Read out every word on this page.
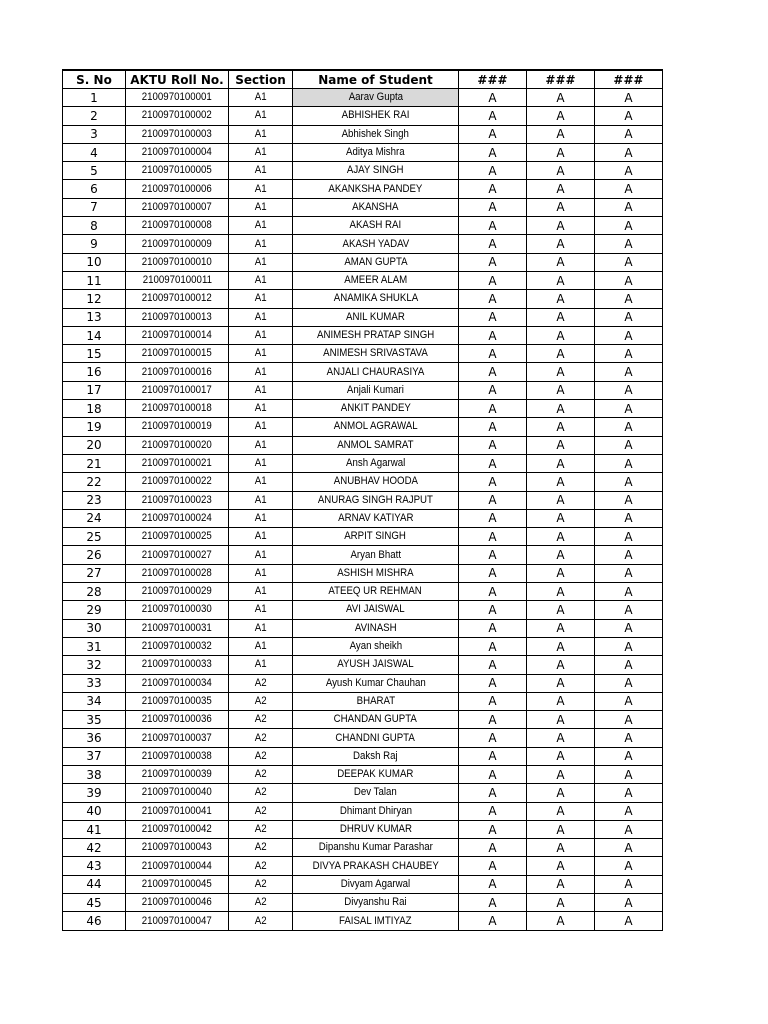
S. No	AKTU Roll No.	Section	Name of Student	###	###	###
1	2100970100001	A1	Aarav Gupta	A	A	A
2	2100970100002	A1	ABHISHEK RAI	A	A	A
3	2100970100003	A1	Abhishek Singh	A	A	A
4	2100970100004	A1	Aditya Mishra	A	A	A
5	2100970100005	A1	AJAY SINGH	A	A	A
6	2100970100006	A1	AKANKSHA PANDEY	A	A	A
7	2100970100007	A1	AKANSHA	A	A	A
8	2100970100008	A1	AKASH RAI	A	A	A
9	2100970100009	A1	AKASH YADAV	A	A	A
10	2100970100010	A1	AMAN GUPTA	A	A	A
11	2100970100011	A1	AMEER ALAM	A	A	A
12	2100970100012	A1	ANAMIKA SHUKLA	A	A	A
13	2100970100013	A1	ANIL KUMAR	A	A	A
14	2100970100014	A1	ANIMESH PRATAP SINGH	A	A	A
15	2100970100015	A1	ANIMESH SRIVASTAVA	A	A	A
16	2100970100016	A1	ANJALI CHAURASIYA	A	A	A
17	2100970100017	A1	Anjali Kumari	A	A	A
18	2100970100018	A1	ANKIT PANDEY	A	A	A
19	2100970100019	A1	ANMOL AGRAWAL	A	A	A
20	2100970100020	A1	ANMOL SAMRAT	A	A	A
21	2100970100021	A1	Ansh Agarwal	A	A	A
22	2100970100022	A1	ANUBHAV HOODA	A	A	A
23	2100970100023	A1	ANURAG SINGH RAJPUT	A	A	A
24	2100970100024	A1	ARNAV KATIYAR	A	A	A
25	2100970100025	A1	ARPIT SINGH	A	A	A
26	2100970100027	A1	Aryan Bhatt	A	A	A
27	2100970100028	A1	ASHISH MISHRA	A	A	A
28	2100970100029	A1	ATEEQ UR REHMAN	A	A	A
29	2100970100030	A1	AVI JAISWAL	A	A	A
30	2100970100031	A1	AVINASH	A	A	A
31	2100970100032	A1	Ayan sheikh	A	A	A
32	2100970100033	A1	AYUSH JAISWAL	A	A	A
33	2100970100034	A2	Ayush Kumar Chauhan	A	A	A
34	2100970100035	A2	BHARAT	A	A	A
35	2100970100036	A2	CHANDAN GUPTA	A	A	A
36	2100970100037	A2	CHANDNI GUPTA	A	A	A
37	2100970100038	A2	Daksh Raj	A	A	A
38	2100970100039	A2	DEEPAK KUMAR	A	A	A
39	2100970100040	A2	Dev Talan	A	A	A
40	2100970100041	A2	Dhimant Dhiryan	A	A	A
41	2100970100042	A2	DHRUV KUMAR	A	A	A
42	2100970100043	A2	Dipanshu Kumar Parashar	A	A	A
43	2100970100044	A2	DIVYA PRAKASH CHAUBEY	A	A	A
44	2100970100045	A2	Divyam Agarwal	A	A	A
45	2100970100046	A2	Divyanshu Rai	A	A	A
46	2100970100047	A2	FAISAL IMTIYAZ	A	A	A
